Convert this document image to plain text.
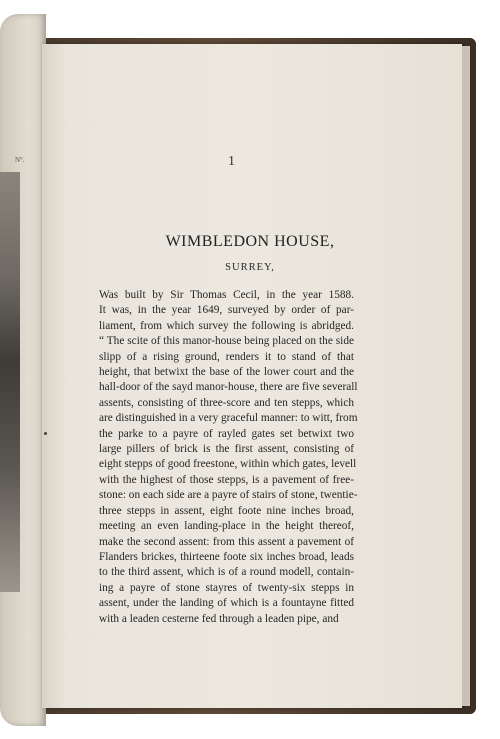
N°.	1
WIMBLEDON HOUSE,
SURREY,
Was built by Sir Thomas Cecil, in the year 1588.
It was, in the year 1649, surveyed by order of par-
liament, from which survey the following is abridged.
“ The scite of this manor-house being placed on the side
slipp of a rising ground, renders it to stand of that
height, that betwixt the base of the lower court and the
hall-door of the sayd manor-house, there are five severall
assents, consisting of three-score and ten stepps, which
are distinguished in a very graceful manner: to witt, from
the parke to a payre of rayled gates set betwixt two
large pillers of brick is the first assent, consisting of
eight stepps of good freestone, within which gates, levell
with the highest of those stepps, is a pavement of free-
stone: on each side are a payre of stairs of stone, twentie-
three stepps in assent, eight foote nine inches broad,
meeting an even landing-place in the height thereof,
make the second assent: from this assent a pavement of
Flanders brickes, thirteene foote six inches broad, leads
to the third assent, which is of a round modell, contain-
ing a payre of stone stayres of twenty-six stepps in
assent, under the landing of which is a fountayne fitted
with a leaden cesterne fed through a leaden pipe, and
